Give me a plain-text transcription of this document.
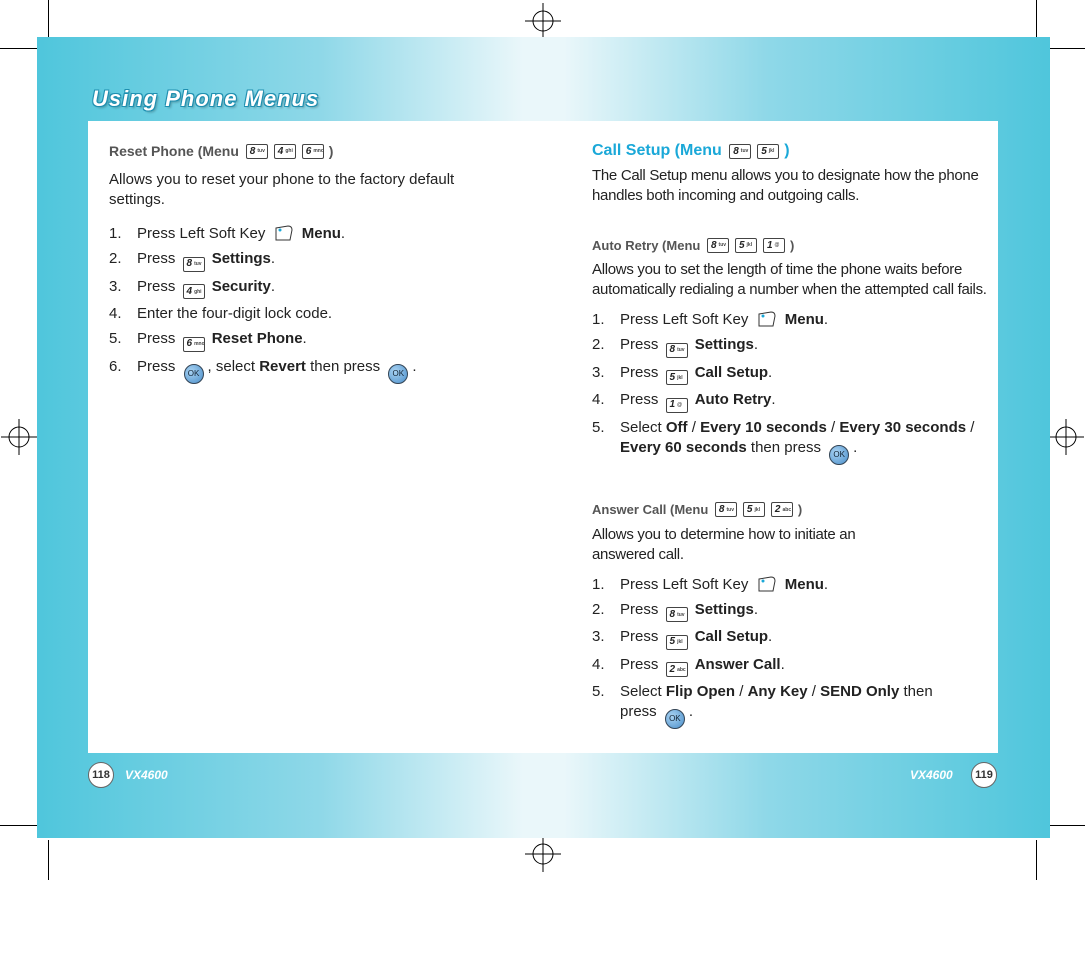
Using Phone Menus
Reset Phone (Menu
8 tuv 4 ghi 6 mno )

Allows you to reset your phone to the factory default settings.

1. Press Left Soft Key Menu.
2. Press 8 tuv Settings.
3. Press 4 ghi Security.
4. Enter the four-digit lock code.
5. Press 6 mno Reset Phone.
6. Press OK , select Revert then press OK .
Call Setup (Menu
8 tuv 5 jkl )

The Call Setup menu allows you to designate how the phone handles both incoming and outgoing calls.

Auto Retry (Menu
8 tuv 5 jkl 1 @ )

Allows you to set the length of time the phone waits before automatically redialing a number when the attempted call fails.

1. Press Left Soft Key Menu.
2. Press 8 tuv Settings.
3. Press 5 jkl Call Setup.
4. Press 1 @ Auto Retry.
5. Select Off / Every 10 seconds / Every 30 seconds / Every 60 seconds then press OK .
Answer Call (Menu
8 tuv 5 jkl 2 abc )

Allows you to determine how to initiate an answered call.

1. Press Left Soft Key Menu.
2. Press 8 tuv Settings.
3. Press 5 jkl Call Setup.
4. Press 2 abc Answer Call.
5. Select Flip Open / Any Key / SEND Only then
press OK .
118	VX4600	VX4600	119
